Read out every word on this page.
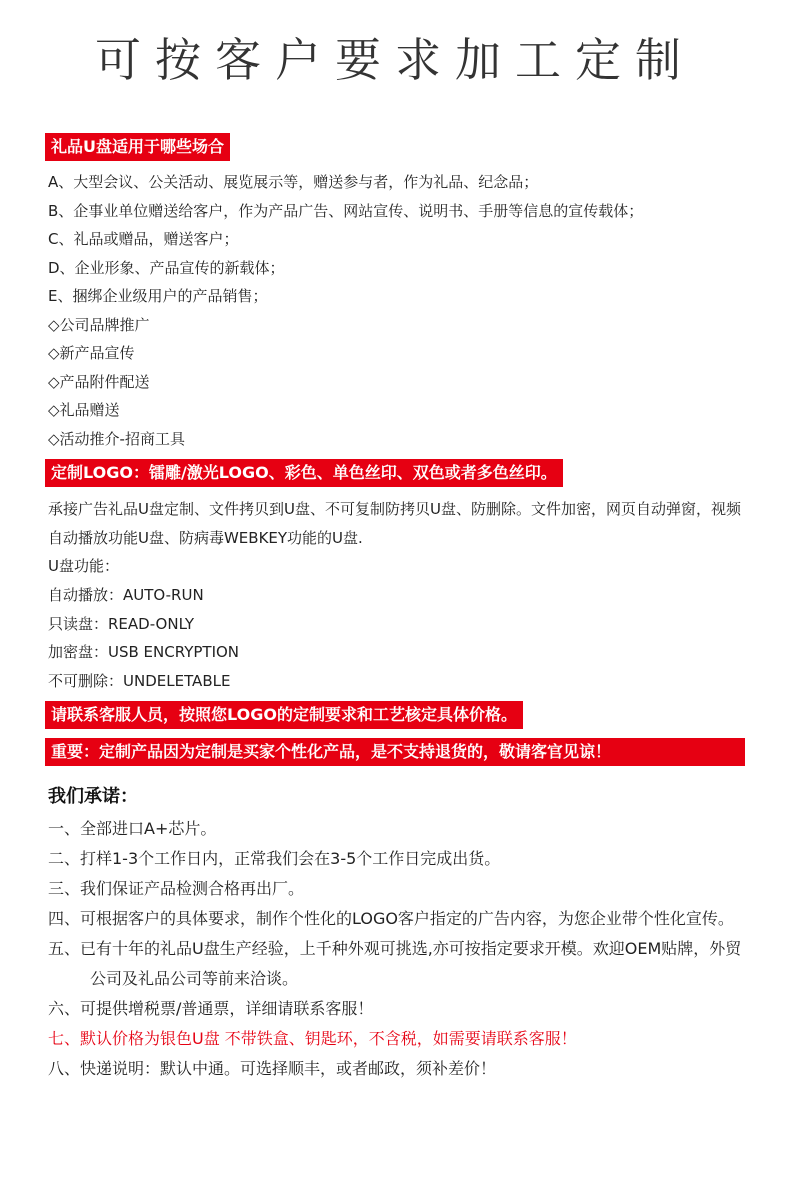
可按客户要求加工定制
礼品U盘适用于哪些场合
A、大型会议、公关活动、展览展示等，赠送参与者，作为礼品、纪念品；
B、企事业单位赠送给客户，作为产品广告、网站宣传、说明书、手册等信息的宣传载体；
C、礼品或赠品，赠送客户；
D、企业形象、产品宣传的新载体；
E、捆绑企业级用户的产品销售；
◇公司品牌推广
◇新产品宣传
◇产品附件配送
◇礼品赠送
◇活动推介-招商工具
定制LOGO：镭雕/激光LOGO、彩色、单色丝印、双色或者多色丝印。
承接广告礼品U盘定制、文件拷贝到U盘、不可复制防拷贝U盘、防删除。文件加密，网页自动弹窗，视频自动播放功能U盘、防病毒WEBKEY功能的U盘.
U盘功能：
自动播放：AUTO-RUN
只读盘：READ-ONLY
加密盘：USB ENCRYPTION
不可删除：UNDELETABLE
请联系客服人员，按照您LOGO的定制要求和工艺核定具体价格。
重要：定制产品因为定制是买家个性化产品，是不支持退货的，敬请客官见谅！
我们承诺：
一、全部进口A+芯片。
二、打样1-3个工作日内，正常我们会在3-5个工作日完成出货。
三、我们保证产品检测合格再出厂。
四、可根据客户的具体要求，制作个性化的LOGO客户指定的广告内容，为您企业带个性化宣传。
五、已有十年的礼品U盘生产经验，上千种外观可挑选,亦可按指定要求开模。欢迎OEM贴牌，外贸公司及礼品公司等前来洽谈。
六、可提供增税票/普通票，详细请联系客服！
七、默认价格为银色U盘 不带铁盒、钥匙环，不含税，如需要请联系客服！
八、快递说明：默认中通。可选择顺丰，或者邮政，须补差价！
